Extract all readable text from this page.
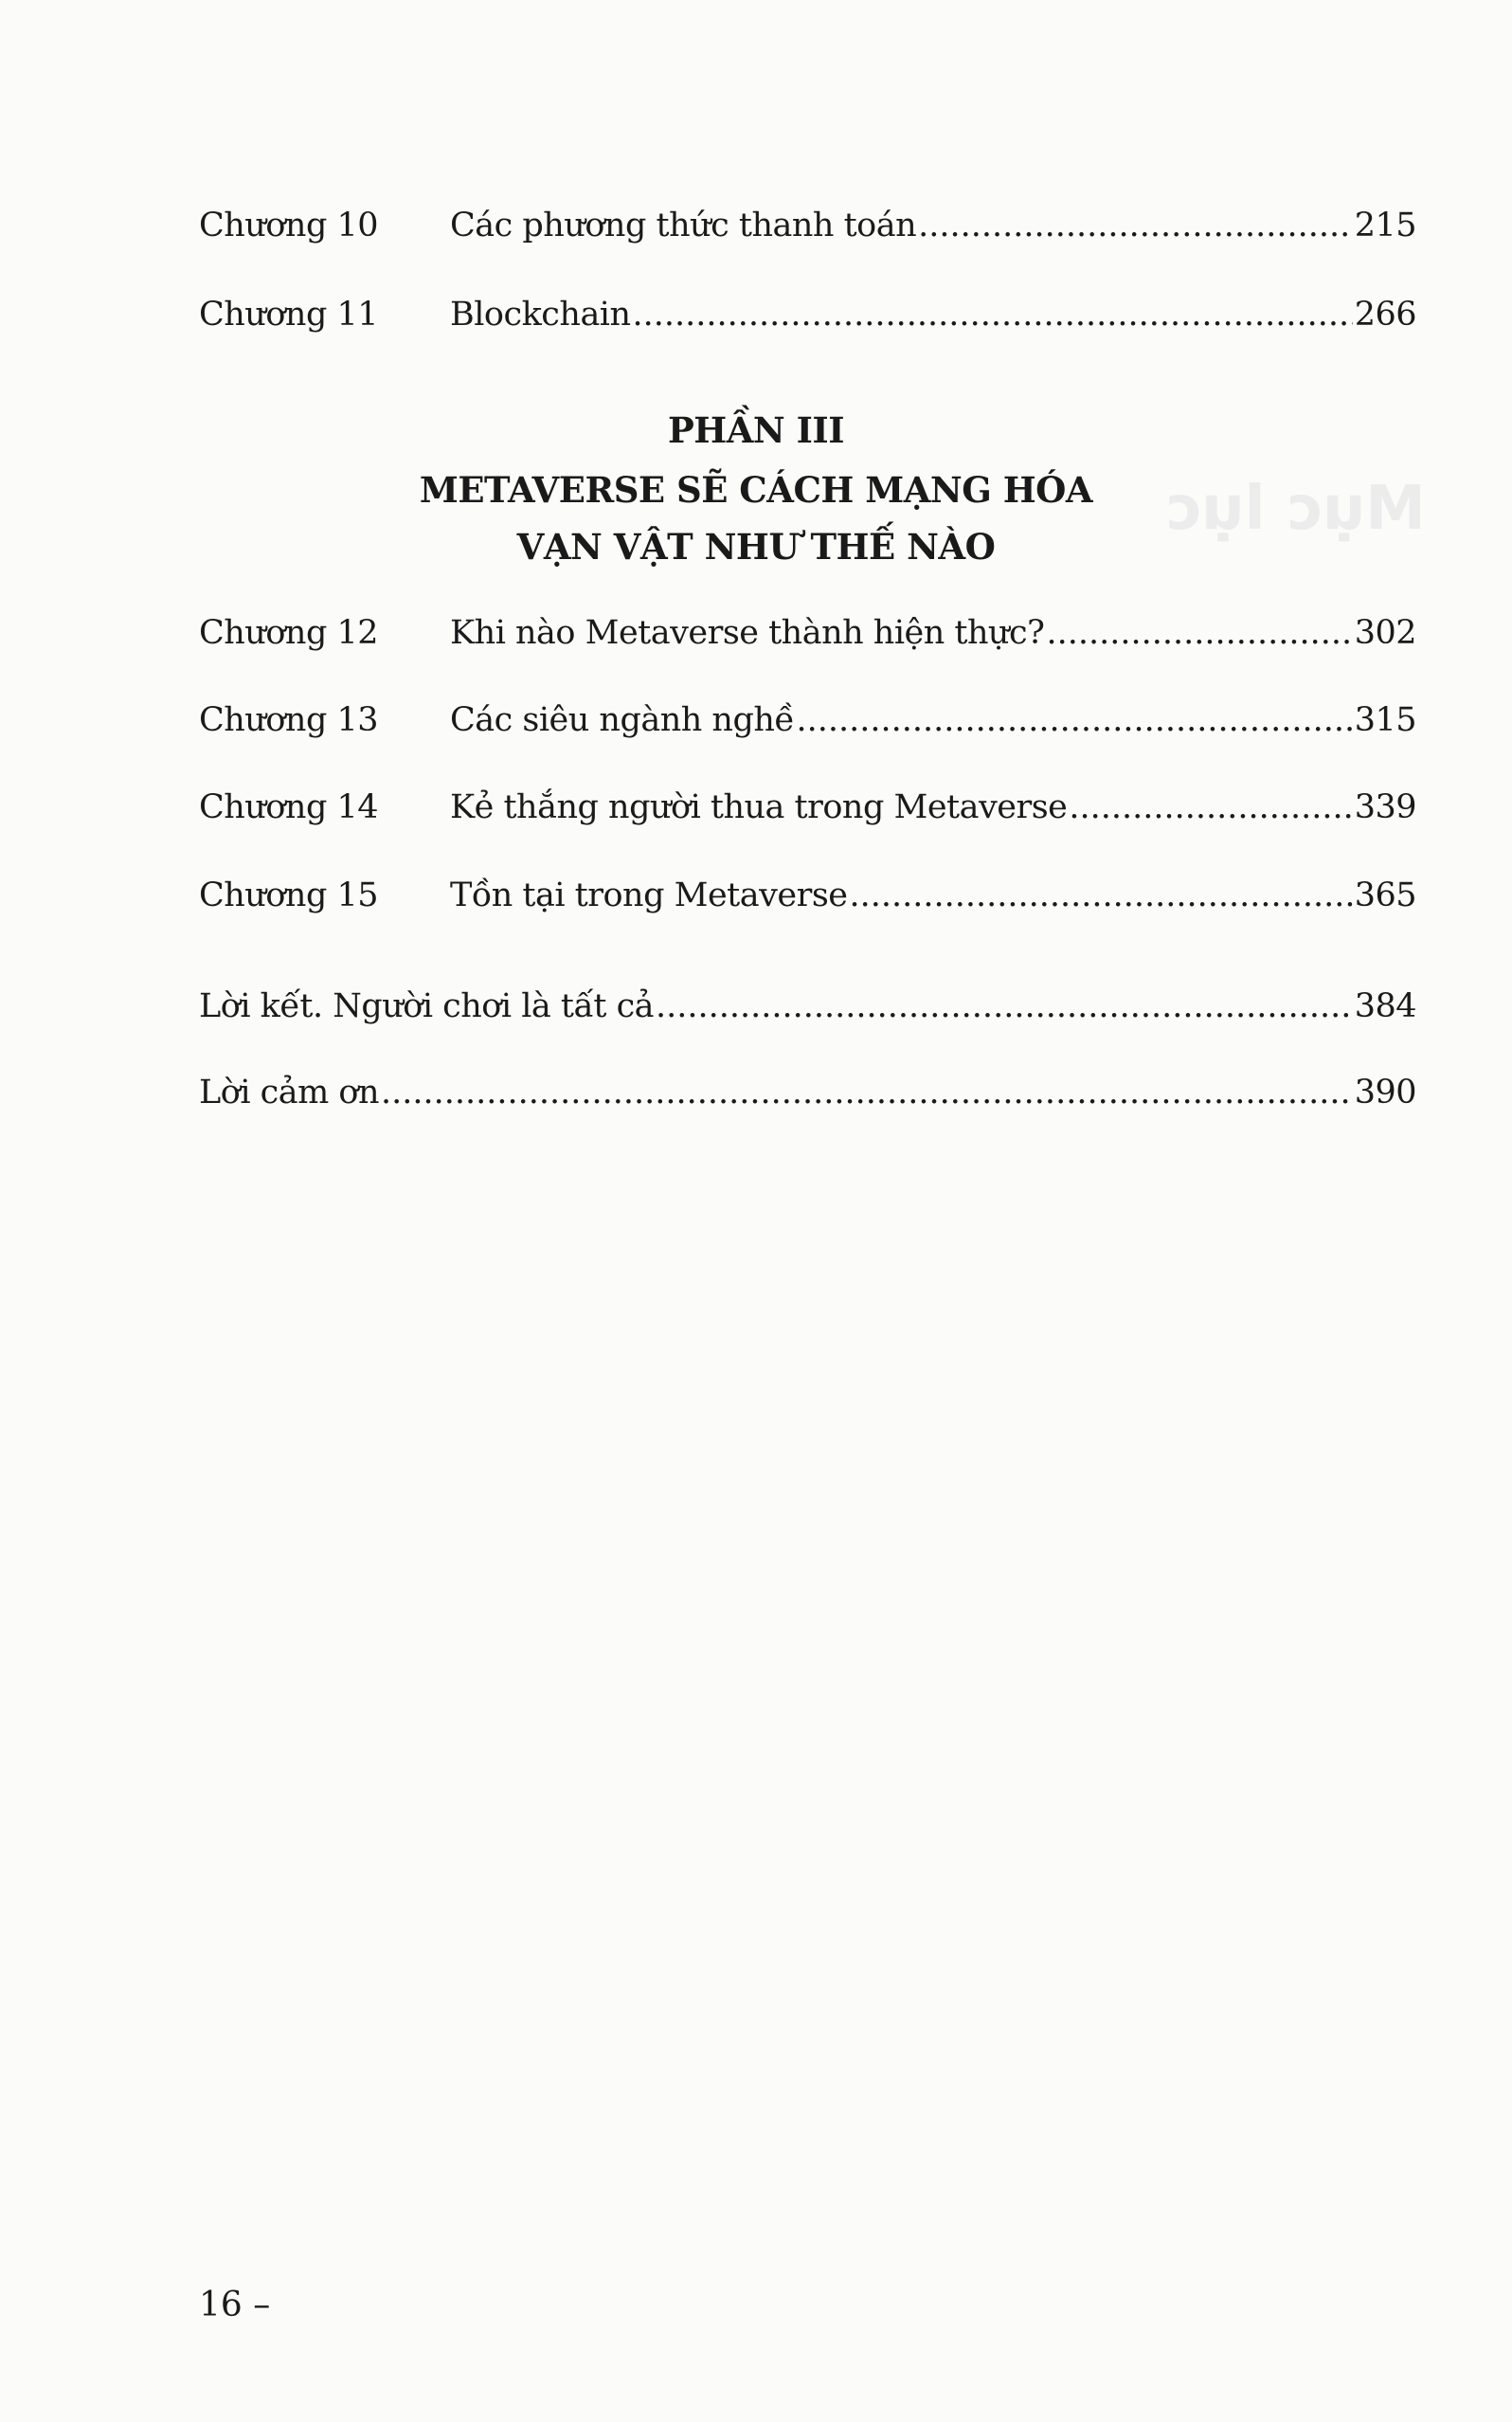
Mục lục
Chương 10	Các phương thức thanh toán .....	215
Chương 11	Blockchain .....	266
PHẦN III
METAVERSE SẼ CÁCH MẠNG HÓA
VẠN VẬT NHƯ THẾ NÀO
Chương 12	Khi nào Metaverse thành hiện thực? .....	302
Chương 13	Các siêu ngành nghề .....	315
Chương 14	Kẻ thắng người thua trong Metaverse .....	339
Chương 15	Tồn tại trong Metaverse .....	365
Lời kết. Người chơi là tất cả .....	384
Lời cảm ơn .....	390
16 –
